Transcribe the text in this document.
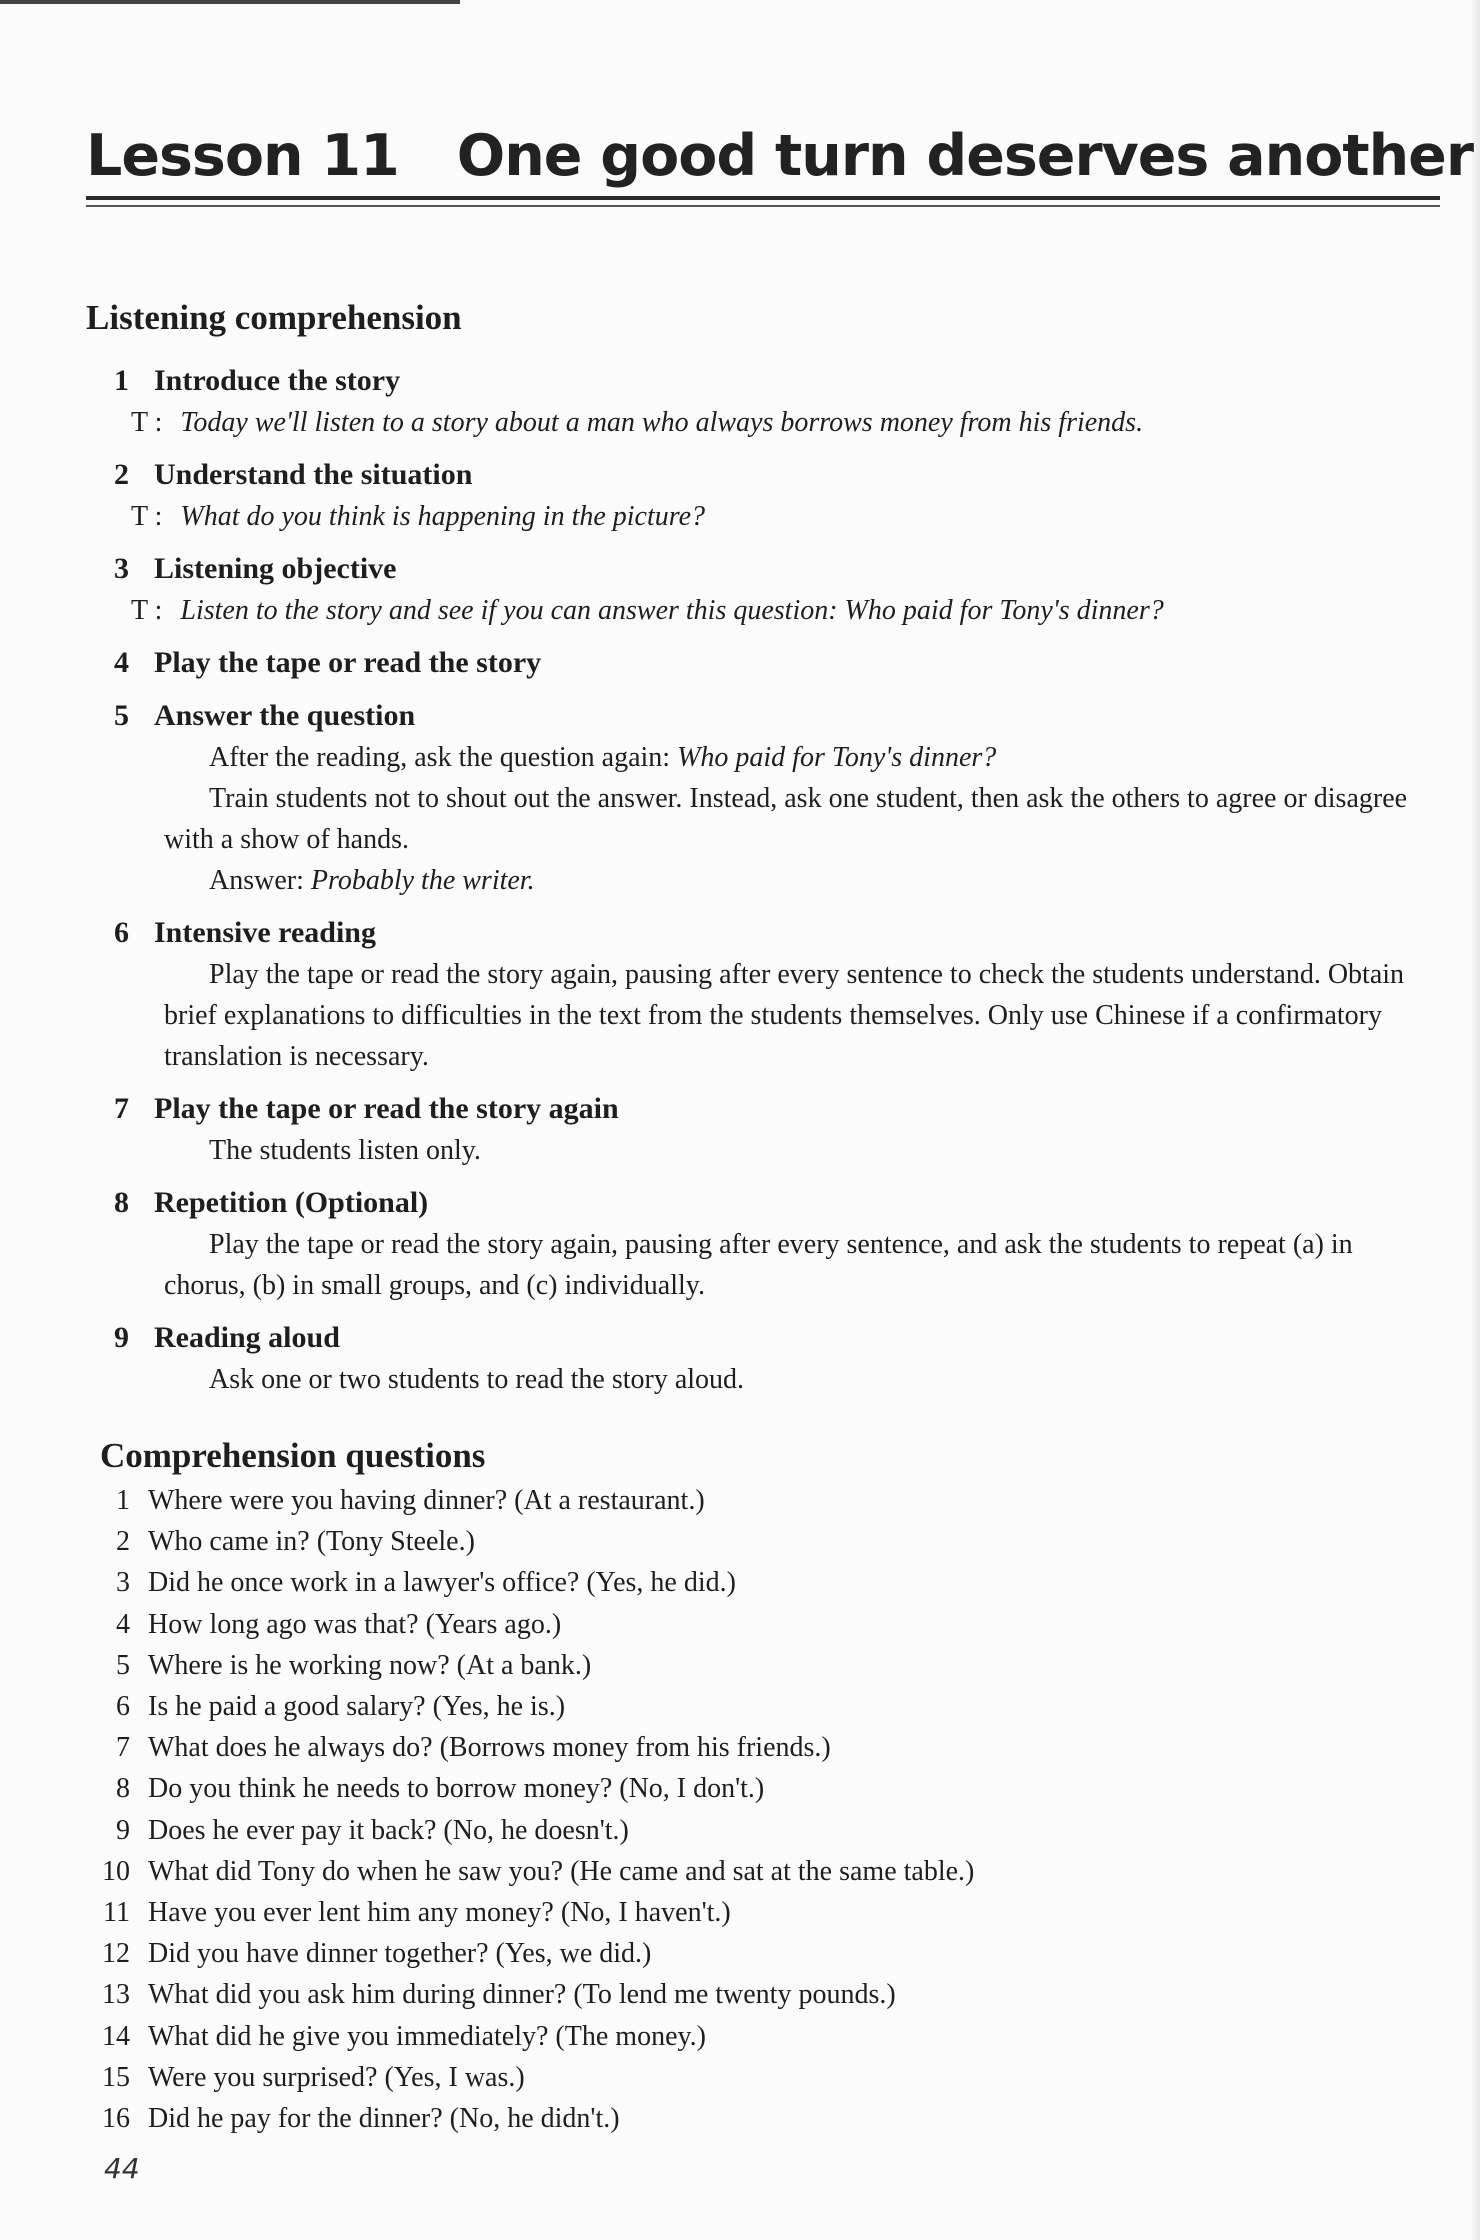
Lesson 11 One good turn deserves another
Listening comprehension
1 Introduce the story
T : Today we'll listen to a story about a man who always borrows money from his friends.
2 Understand the situation
T : What do you think is happening in the picture?
3 Listening objective
T : Listen to the story and see if you can answer this question: Who paid for Tony's dinner?
4 Play the tape or read the story
5 Answer the question
After the reading, ask the question again: Who paid for Tony's dinner?
Train students not to shout out the answer. Instead, ask one student, then ask the others to agree or disagree with a show of hands.
Answer: Probably the writer.
6 Intensive reading
Play the tape or read the story again, pausing after every sentence to check the students understand. Obtain brief explanations to difficulties in the text from the students themselves. Only use Chinese if a confirmatory translation is necessary.
7 Play the tape or read the story again
The students listen only.
8 Repetition (Optional)
Play the tape or read the story again, pausing after every sentence, and ask the students to repeat (a) in chorus, (b) in small groups, and (c) individually.
9 Reading aloud
Ask one or two students to read the story aloud.
Comprehension questions
1 Where were you having dinner? (At a restaurant.)
2 Who came in? (Tony Steele.)
3 Did he once work in a lawyer's office? (Yes, he did.)
4 How long ago was that? (Years ago.)
5 Where is he working now? (At a bank.)
6 Is he paid a good salary? (Yes, he is.)
7 What does he always do? (Borrows money from his friends.)
8 Do you think he needs to borrow money? (No, I don't.)
9 Does he ever pay it back? (No, he doesn't.)
10 What did Tony do when he saw you? (He came and sat at the same table.)
11 Have you ever lent him any money? (No, I haven't.)
12 Did you have dinner together? (Yes, we did.)
13 What did you ask him during dinner? (To lend me twenty pounds.)
14 What did he give you immediately? (The money.)
15 Were you surprised? (Yes, I was.)
16 Did he pay for the dinner? (No, he didn't.)
44
